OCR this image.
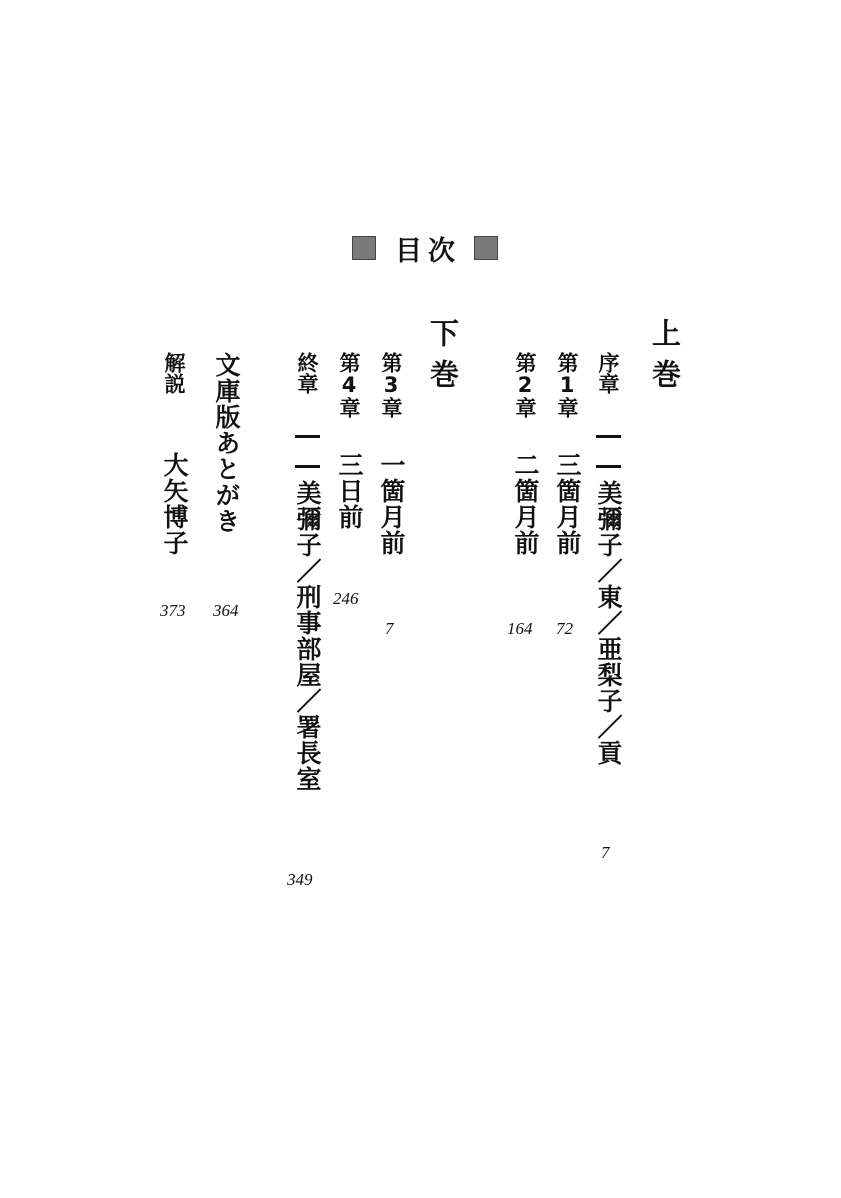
目次
上巻
序章
――美彌子／東／亜梨子／貢
7
第1章
三箇月前
72
第2章
二箇月前
164
下巻
第3章
一箇月前
7
第4章
三日前
246
終章
――美彌子／刑事部屋／署長室
349
文庫版あとがき
364
解説
大矢博子
373
